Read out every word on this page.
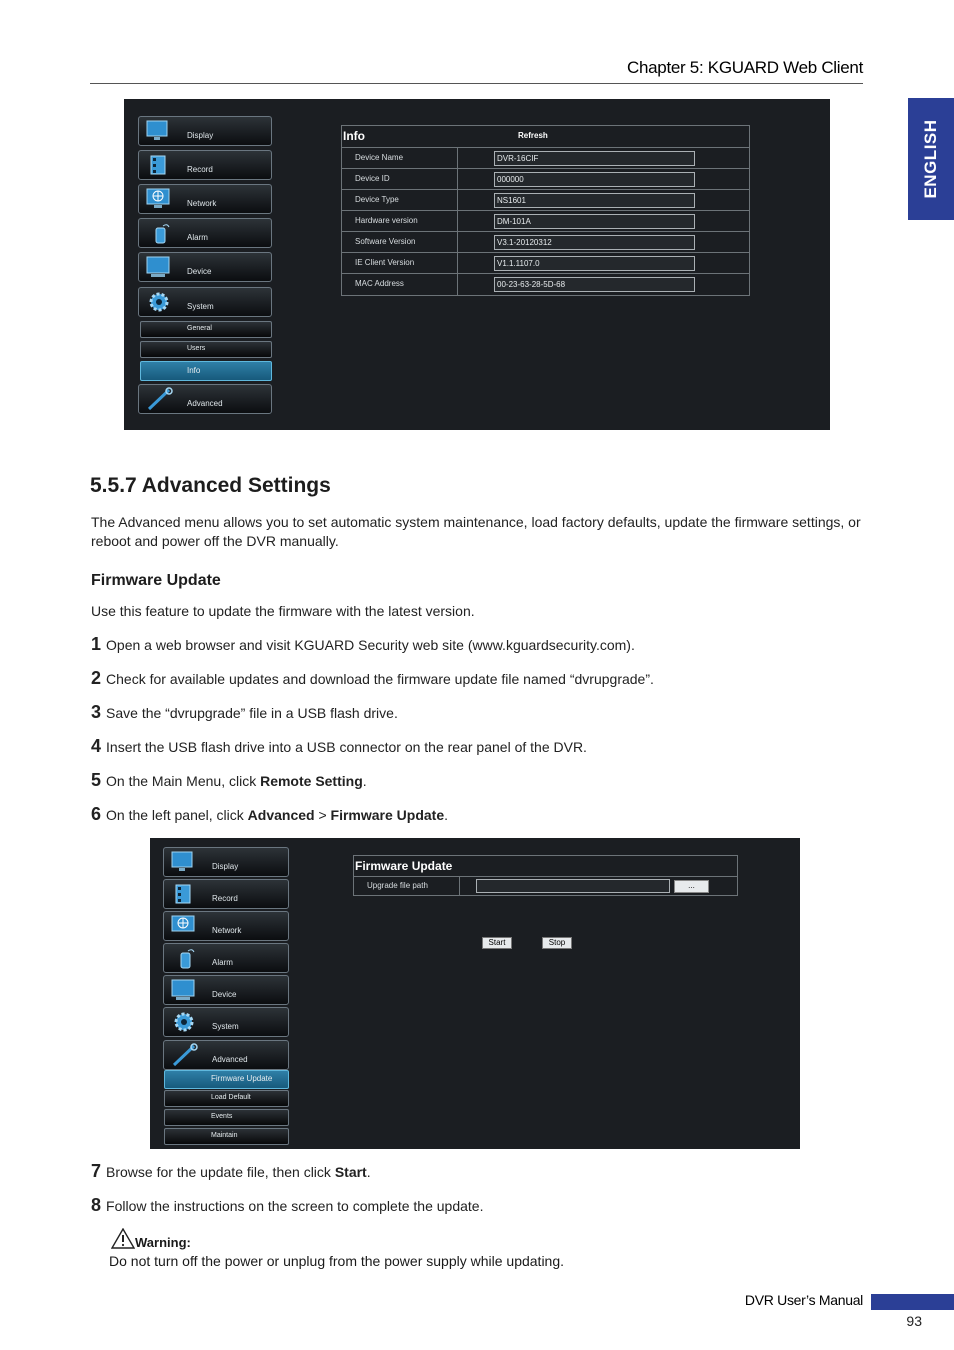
Chapter 5: KGUARD Web Client
ENGLISH
Display
Record
Network
Alarm
Device
System
General
Users
Info
Advanced
Info	Refresh
Device Name	DVR-16CIF
Device ID	000000
Device Type	NS1601
Hardware version	DM-101A
Software Version	V3.1-20120312
IE Client Version	V1.1.1107.0
MAC Address	00-23-63-28-5D-68
5.5.7 Advanced Settings
The Advanced menu allows you to set automatic system maintenance, load factory defaults, update the firmware settings, or reboot and power off the DVR manually.
Firmware Update
Use this feature to update the firmware with the latest version.
1 Open a web browser and visit KGUARD Security web site (www.kguardsecurity.com).
2 Check for available updates and download the firmware update file named “dvrupgrade”.
3 Save the “dvrupgrade” file in a USB flash drive.
4 Insert the USB flash drive into a USB connector on the rear panel of the DVR.
5 On the Main Menu, click Remote Setting.
6 On the left panel, click Advanced > Firmware Update.
Display
Record
Network
Alarm
Device
System
Advanced
Firmware Update
Load Default
Events
Maintain
Firmware Update
Upgrade file path	...
Start	Stop
7 Browse for the update file, then click Start.
8 Follow the instructions on the screen to complete the update.
Warning:
Do not turn off the power or unplug from the power supply while updating.
DVR User’s Manual
93
